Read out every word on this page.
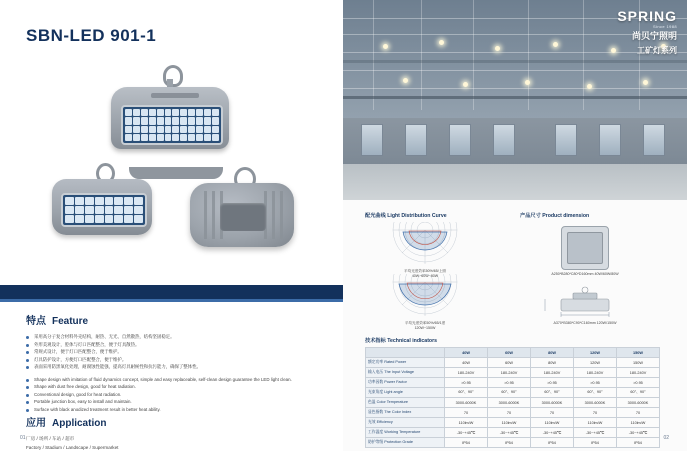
SBN-LED 901-1
特点 Feature
采用高分子复合材料外壳结构，耐热、无光、自然散热，结构坚固稳定。
外形美观设计，腔体与灯口匹配整合，便于灯具散热。
常规式设计，便于灯口匹配整合，便于维护。
灯具防护设计，方便灯口匹配整合，便于维护。
表面采用防黑氧化处理，耐腐蚀性能强，提高灯具耐候性和抗污能力，确保了整体性。
Shape design with imitation of fluid dynamics concept, simple and easy replaceable, self-clean design guarantee the LED light clean.
Shape with dust free design, good for heat radiation.
Conventional design, good for heat radiation.
Portable junction box, easy to install and maintain.
Surface with black anodized treatment result in better heat ability.
应用 Application
厂房 / 场所 / 车站 / 超市
Factory / Stadium / Landscape / Supermarket
01
SPRING
Since 1988
尚贝宁照明
工矿灯系列
配光曲线 Light Distribution Curve
平均光度效率50%/65/上照
40W~60W~80W
平均光度效率50%/65/1度
120W~150W
产品尺寸 Product dimension
A250*B280*C80*D160mm 40W/60W/80W
A370*B380*C90*C160mm 120W/150W
技术指标 Technical indicators
	40W	60W	80W	120W	150W
额定功率 Rated Power	40W	60W	80W	120W	150W
输入电压 The Input Voltage	180-240V	180-240V	180-240V	180-240V	180-240V
功率因数 Power Factor	>0.95	>0.95	>0.95	>0.95	>0.95
光束角度 Light angle	60°、90°	60°、90°	60°、90°	60°、90°	60°、90°
色温 Color Temperature	3000-6000K	3000-6000K	3000-6000K	3000-6000K	3000-6000K
显色指数 The Color Index	70	70	70	70	70
光效 Efficiency	110lm/W	110lm/W	110lm/W	110lm/W	110lm/W
工作温度 Working Temperature	-30~+45℃	-30~+45℃	-30~+45℃	-30~+45℃	-30~+45℃
防护等级 Protection Grade	IP54	IP54	IP54	IP54	IP54
02
